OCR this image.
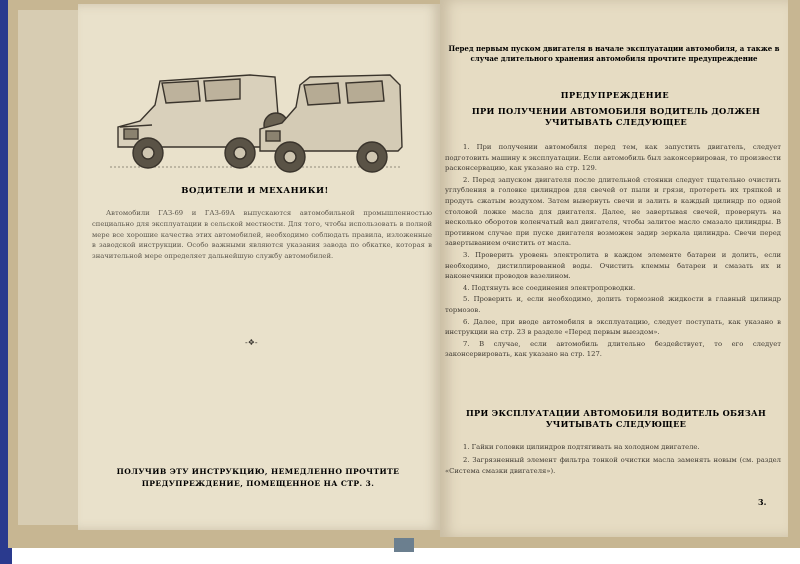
ВОДИТЕЛИ И МЕХАНИКИ!
Автомобили ГАЗ-69 и ГАЗ-69А выпускаются автомобильной промышленностью специально для эксплуатации в сельской местности. Для того, чтобы использовать в полной мере все хорошие качества этих автомобилей, необходимо соблюдать правила, изложенные в заводской инструкции. Особо важными являются указания завода по обкатке, которая в значительной мере определяет дальнейшую службу автомобилей.
-❖-
ПОЛУЧИВ ЭТУ ИНСТРУКЦИЮ, НЕМЕДЛЕННО ПРОЧТИТЕ ПРЕДУПРЕЖДЕНИЕ, ПОМЕЩЕННОЕ НА СТР. 3.
Перед первым пуском двигателя в начале эксплуатации автомобиля, а также в случае длительного хранения автомобиля прочтите предупреждение
ПРЕДУПРЕЖДЕНИЕ
ПРИ ПОЛУЧЕНИИ АВТОМОБИЛЯ ВОДИТЕЛЬ ДОЛЖЕН УЧИТЫВАТЬ СЛЕДУЮЩЕЕ

1. При получении автомобиля перед тем, как запустить двигатель, следует подготовить машину к эксплуатации. Если автомобиль был законсервирован, то произвести расконсервацию, как указано на стр. 129.

2. Перед запуском двигателя после длительной стоянки следует тщательно очистить углубления в головке цилиндров для свечей от пыли и грязи, протереть их тряпкой и продуть сжатым воздухом. Затем вывернуть свечи и залить в каждый цилиндр по одной столовой ложке масла для двигателя. Далее, не завертывая свечей, провернуть на несколько оборотов коленчатый вал двигателя, чтобы залитое масло смазало цилиндры. В противном случае при пуске двигателя возможен задир зеркала цилиндра. Свечи перед завертыванием очистить от масла.

3. Проверить уровень электролита в каждом элементе батареи и долить, если необходимо, дистиллированной воды. Очистить клеммы батареи и смазать их и наконечники проводов вазелином.

4. Подтянуть все соединения электропроводки.

5. Проверить и, если необходимо, долить тормозной жидкости в главный цилиндр тормозов.

6. Далее, при вводе автомобиля в эксплуатацию, следует поступать, как указано в инструкции на стр. 23 в разделе «Перед первым выездом».

7. В случае, если автомобиль длительно бездействует, то его следует законсервировать, как указано на стр. 127.

ПРИ ЭКСПЛУАТАЦИИ АВТОМОБИЛЯ ВОДИТЕЛЬ ОБЯЗАН УЧИТЫВАТЬ СЛЕДУЮЩЕЕ

1. Гайки головки цилиндров подтягивать на холодном двигателе.

2. Загрязненный элемент фильтра тонкой очистки масла заменять новым (см. раздел «Система смазки двигателя»).

3.
